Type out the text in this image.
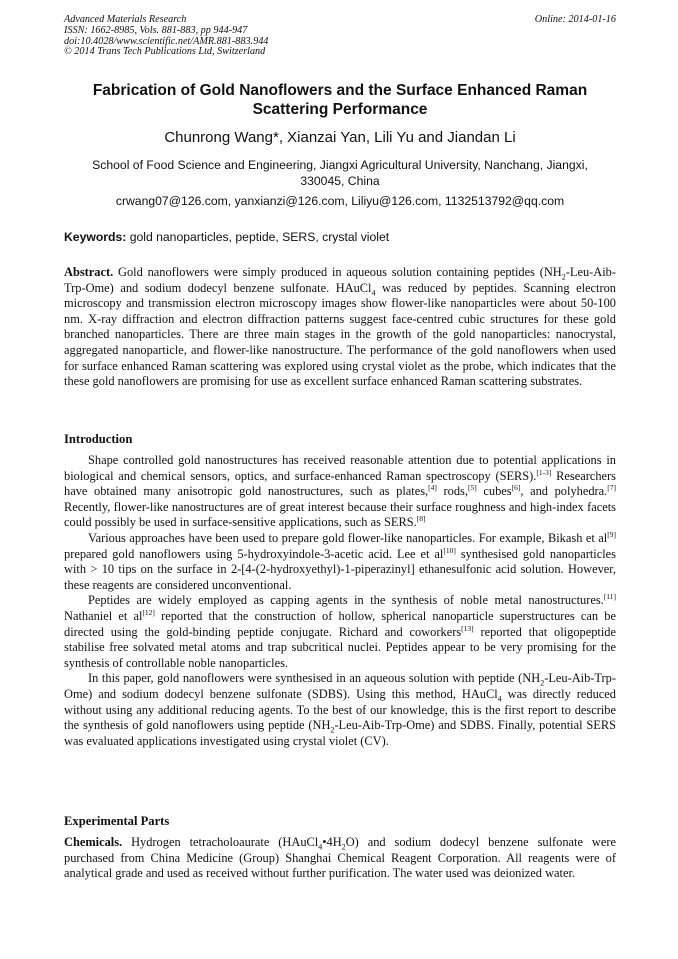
Advanced Materials Research
ISSN: 1662-8985, Vols. 881-883, pp 944-947
doi:10.4028/www.scientific.net/AMR.881-883.944
© 2014 Trans Tech Publications Ltd, Switzerland
Online: 2014-01-16
Fabrication of Gold Nanoflowers and the Surface Enhanced Raman
Scattering Performance
Chunrong Wang*, Xianzai Yan, Lili Yu and Jiandan Li
School of Food Science and Engineering, Jiangxi Agricultural University, Nanchang, Jiangxi,
330045, China
crwang07@126.com, yanxianzi@126.com, Liliyu@126.com, 1132513792@qq.com
Keywords: gold nanoparticles, peptide, SERS, crystal violet

Abstract. Gold nanoflowers were simply produced in aqueous solution containing peptides $(NH_2-Leu-Aib-Trp-Ome)$ and sodium dodecyl benzene sulfonate. HAuCl$_4$ was reduced by peptides. Scanning electron microscopy and transmission electron microscopy images show flower-like nanoparticles were about 50-100 nm. X-ray diffraction and electron diffraction patterns suggest face-centred cubic structures for these gold branched nanoparticles. There are three main stages in the growth of the gold nanoparticles: nanocrystal, aggregated nanoparticle, and flower-like nanostructure. The performance of the gold nanoflowers when used for surface enhanced Raman scattering was explored using crystal violet as the probe, which indicates that the these gold nanoflowers are promising for use as excellent surface enhanced Raman scattering substrates.

Introduction

Shape controlled gold nanostructures has received reasonable attention due to potential applications in biological and chemical sensors, optics, and surface-enhanced Raman spectroscopy (SERS).[1-3] Researchers have obtained many anisotropic gold nanostructures, such as plates,[4] rods,[5] cubes[6], and polyhedra.[7] Recently, flower-like nanostructures are of great interest because their surface roughness and high-index facets could possibly be used in surface-sensitive applications, such as SERS.[8]

Various approaches have been used to prepare gold flower-like nanoparticles. For example, Bikash et al[9] prepared gold nanoflowers using 5-hydroxyindole-3-acetic acid. Lee et al[10] synthesised gold nanoparticles with > 10 tips on the surface in 2-[4-(2-hydroxyethyl)-1-piperazinyl] ethanesulfonic acid solution. However, these reagents are considered unconventional.

Peptides are widely employed as capping agents in the synthesis of noble metal nanostructures.[11] Nathaniel et al[12] reported that the construction of hollow, spherical nanoparticle superstructures can be directed using the gold-binding peptide conjugate. Richard and coworkers[13] reported that oligopeptide stabilise free solvated metal atoms and trap subcritical nuclei. Peptides appear to be very promising for the synthesis of controllable noble nanoparticles.

In this paper, gold nanoflowers were synthesised in an aqueous solution with peptide $(NH_2-Leu-Aib-Trp-Ome)$ and sodium dodecyl benzene sulfonate (SDBS). Using this method, HAuCl$_4$ was directly reduced without using any additional reducing agents. To the best of our knowledge, this is the first report to describe the synthesis of gold nanoflowers using peptide $(NH_2-Leu-Aib-Trp-Ome)$ and SDBS. Finally, potential SERS was evaluated applications investigated using crystal violet (CV).

Experimental Parts

Chemicals. Hydrogen tetracholoaurate $(HAuCl_4•4H_2O)$ and sodium dodecyl benzene sulfonate were purchased from China Medicine (Group) Shanghai Chemical Reagent Corporation. All reagents were of analytical grade and used as received without further purification. The water used was deionized water.
